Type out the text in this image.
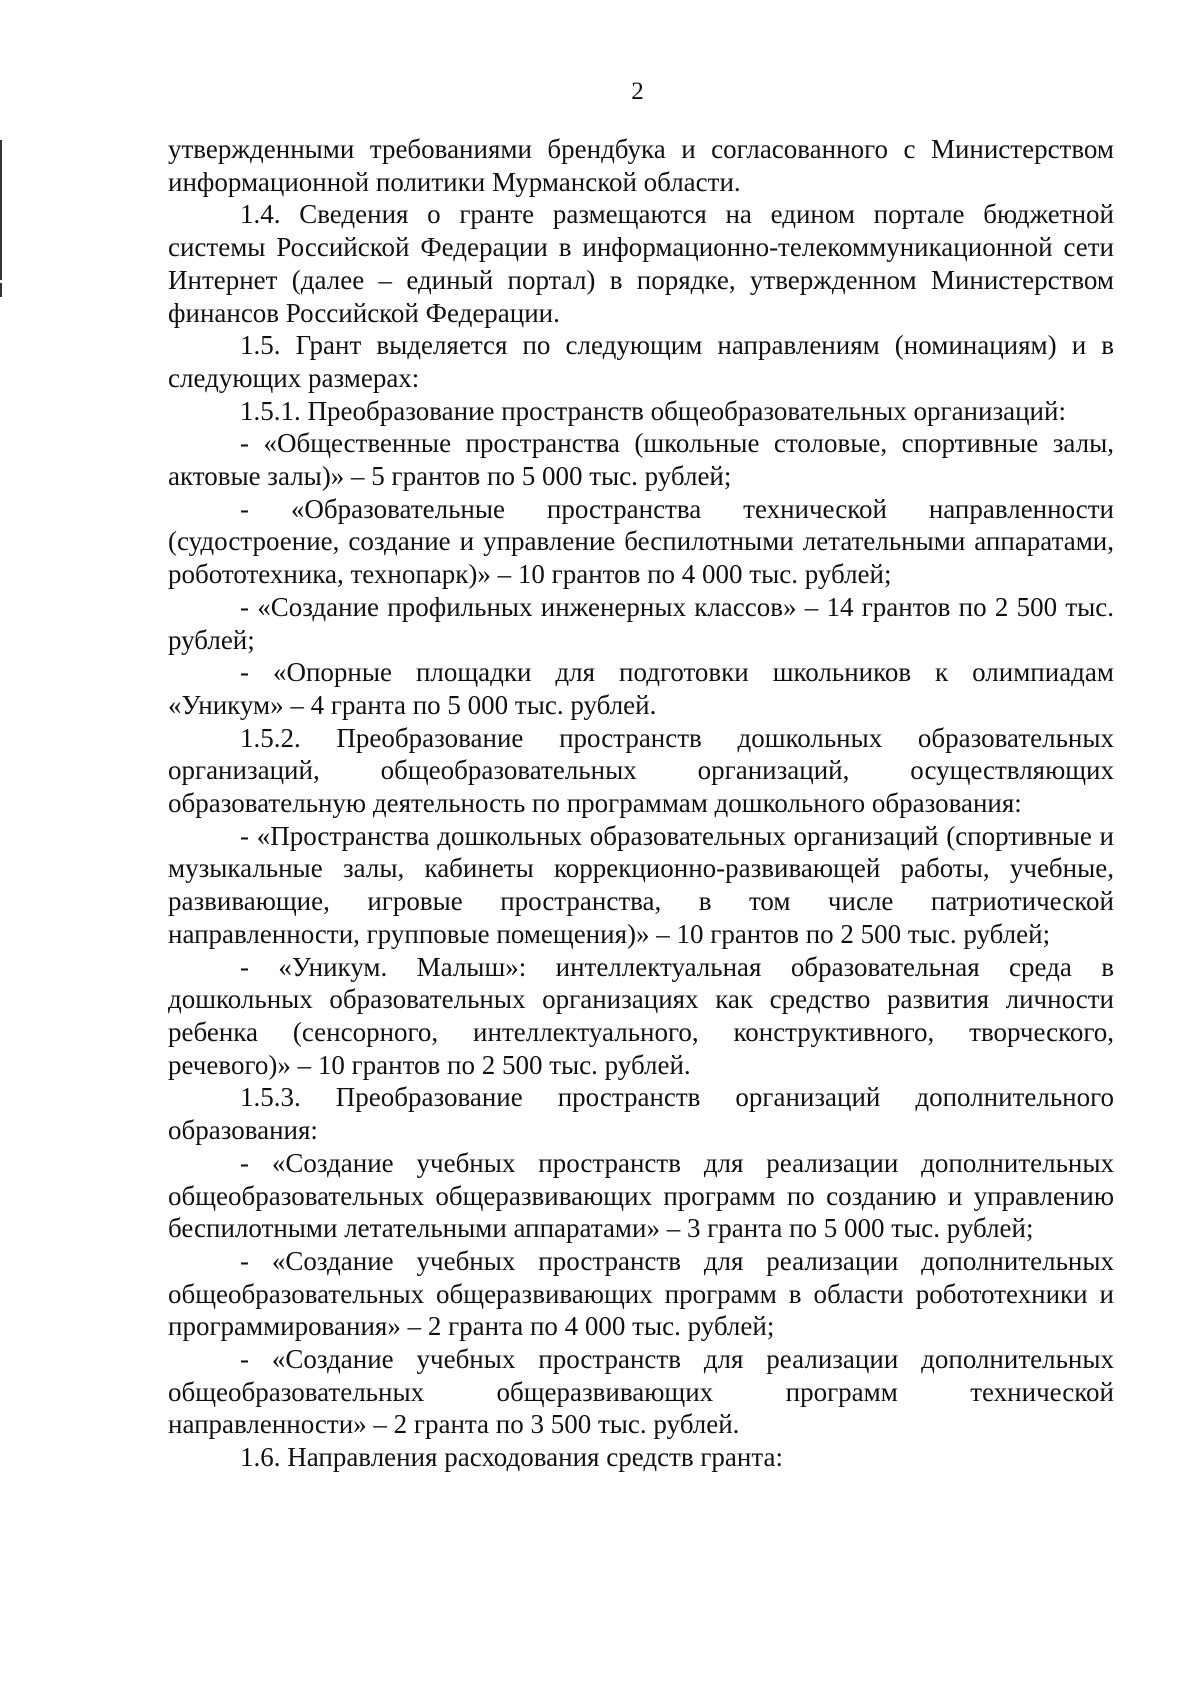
2

утвержденными требованиями брендбука и согласованного с Министерством информационной политики Мурманской области.

1.4. Сведения о гранте размещаются на едином портале бюджетной системы Российской Федерации в информационно-телекоммуникационной сети Интернет (далее – единый портал) в порядке, утвержденном Министерством финансов Российской Федерации.

1.5. Грант выделяется по следующим направлениям (номинациям) и в следующих размерах:

1.5.1. Преобразование пространств общеобразовательных организаций:

- «Общественные пространства (школьные столовые, спортивные залы, актовые залы)» – 5 грантов по 5 000 тыс. рублей;

- «Образовательные пространства технической направленности (судостроение, создание и управление беспилотными летательными аппаратами, робототехника, технопарк)» – 10 грантов по 4 000 тыс. рублей;

- «Создание профильных инженерных классов» – 14 грантов по 2 500 тыс. рублей;

- «Опорные площадки для подготовки школьников к олимпиадам «Уникум» – 4 гранта по 5 000 тыс. рублей.

1.5.2. Преобразование пространств дошкольных образовательных организаций, общеобразовательных организаций, осуществляющих образовательную деятельность по программам дошкольного образования:

- «Пространства дошкольных образовательных организаций (спортивные и музыкальные залы, кабинеты коррекционно-развивающей работы, учебные, развивающие, игровые пространства, в том числе патриотической направленности, групповые помещения)» – 10 грантов по 2 500 тыс. рублей;

- «Уникум. Малыш»: интеллектуальная образовательная среда в дошкольных образовательных организациях как средство развития личности ребенка (сенсорного, интеллектуального, конструктивного, творческого, речевого)» – 10 грантов по 2 500 тыс. рублей.

1.5.3. Преобразование пространств организаций дополнительного образования:

- «Создание учебных пространств для реализации дополнительных общеобразовательных общеразвивающих программ по созданию и управлению беспилотными летательными аппаратами» – 3 гранта по 5 000 тыс. рублей;

- «Создание учебных пространств для реализации дополнительных общеобразовательных общеразвивающих программ в области робототехники и программирования» – 2 гранта по 4 000 тыс. рублей;

- «Создание учебных пространств для реализации дополнительных общеобразовательных общеразвивающих программ технической направленности» – 2 гранта по 3 500 тыс. рублей.

1.6. Направления расходования средств гранта:
